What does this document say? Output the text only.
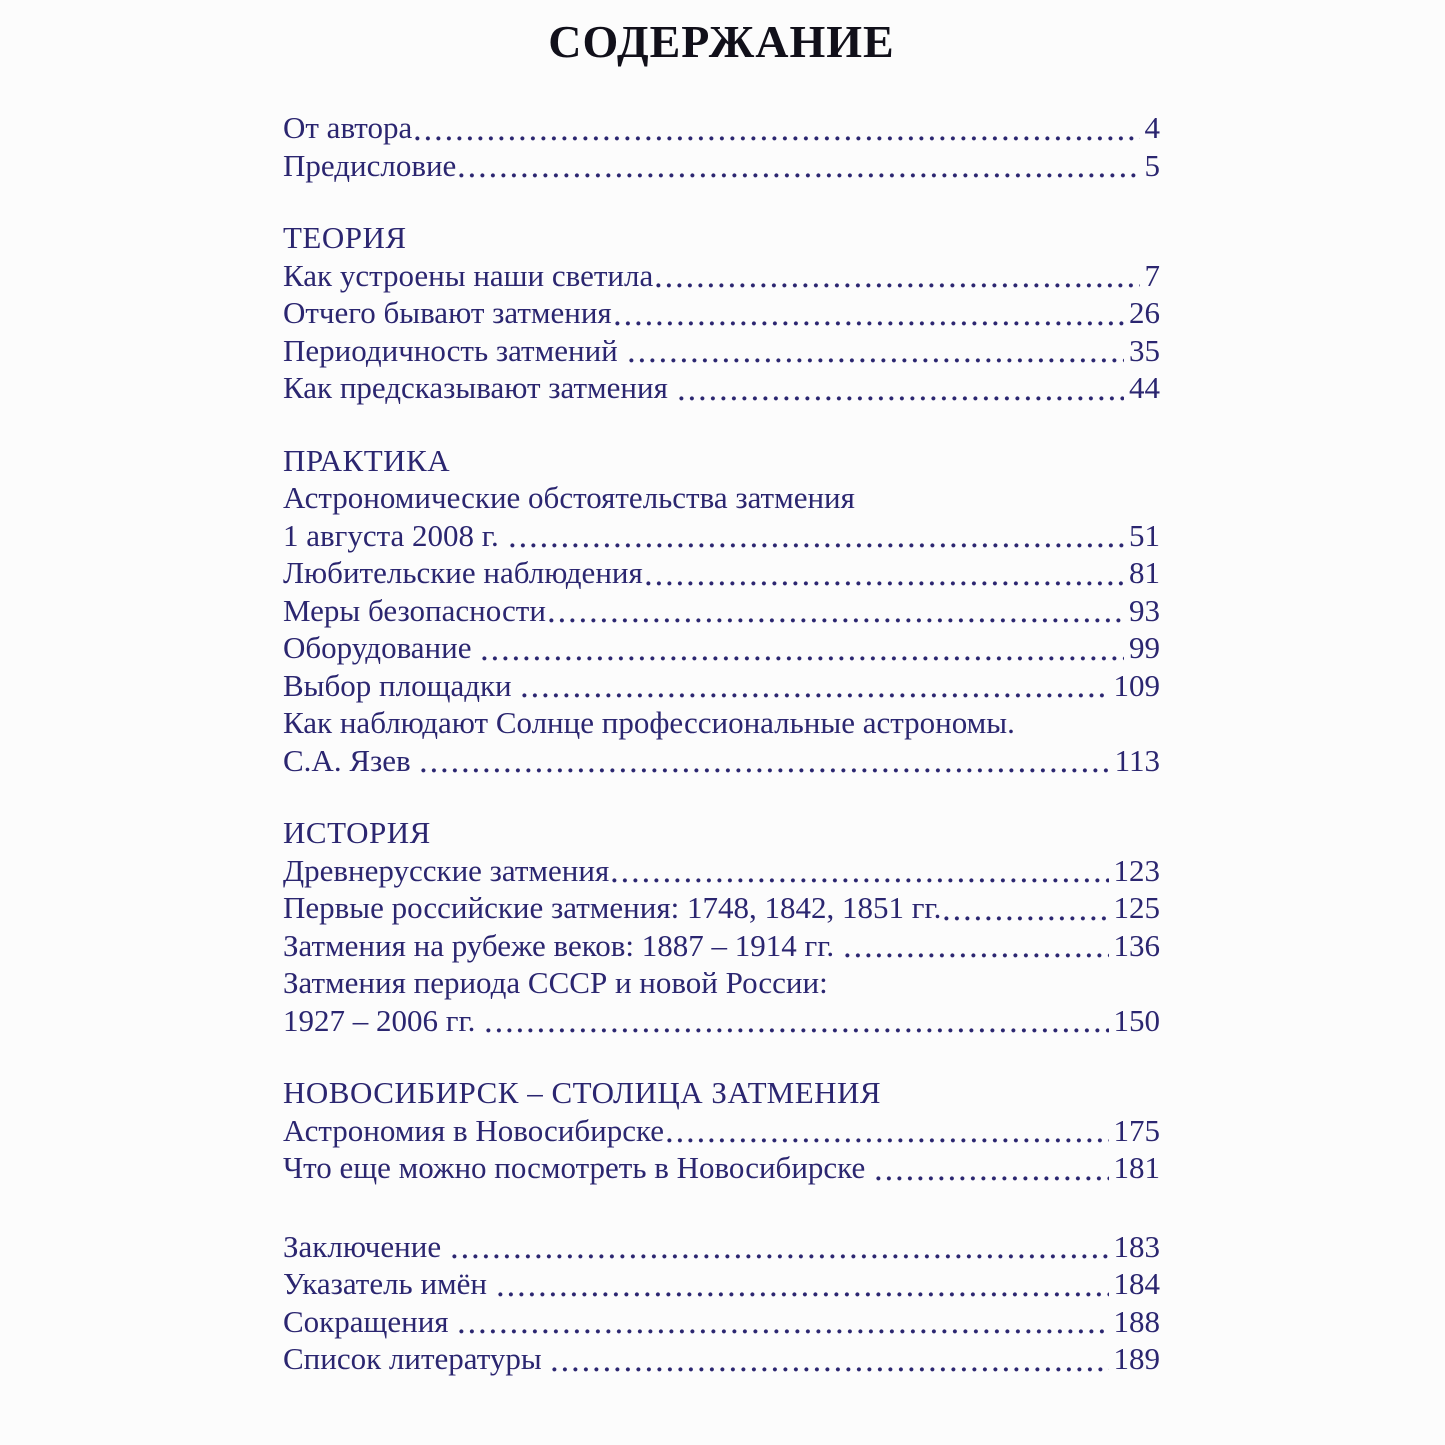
СОДЕРЖАНИЕ
От автора	4
Предисловие	5
ТЕОРИЯ
Как устроены наши светила	7
Отчего бывают затмения	26
Периодичность затмений	35
Как предсказывают затмения	44
ПРАКТИКА
Астрономические обстоятельства затмения
1 августа 2008 г.	51
Любительские наблюдения	81
Меры безопасности	93
Оборудование	99
Выбор площадки	109
Как наблюдают Солнце профессиональные астрономы.
С.А. Язев	113
ИСТОРИЯ
Древнерусские затмения	123
Первые российские затмения: 1748, 1842, 1851 гг.	125
Затмения на рубеже веков: 1887 – 1914 гг.	136
Затмения периода СССР и новой России:
1927 – 2006 гг.	150
НОВОСИБИРСК – СТОЛИЦА ЗАТМЕНИЯ
Астрономия в Новосибирске	175
Что еще можно посмотреть в Новосибирске	181
Заключение	183
Указатель имён	184
Сокращения	188
Список литературы	189
